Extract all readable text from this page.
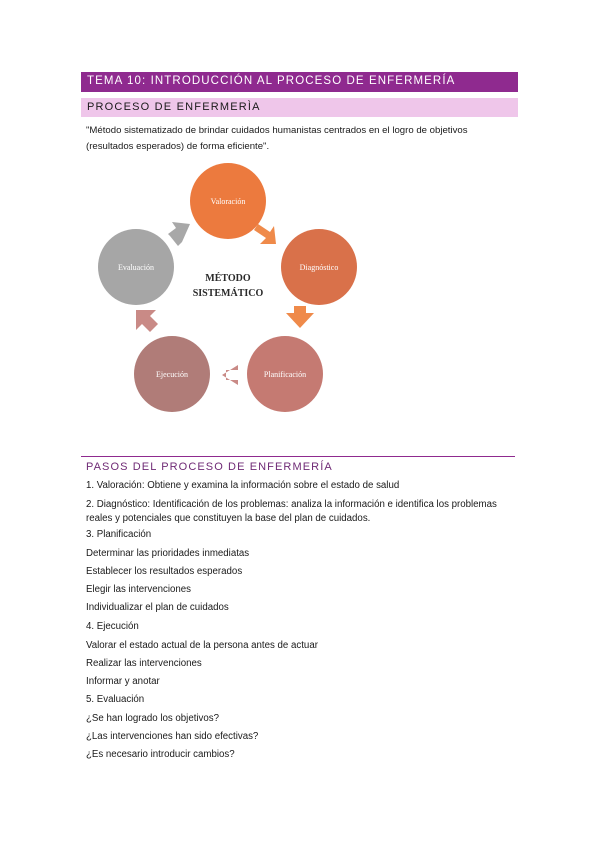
TEMA 10: INTRODUCCIÓN AL PROCESO DE ENFERMERÍA
PROCESO DE ENFERMERÌA
"Método sistematizado de brindar cuidados humanistas centrados en el logro de objetivos (resultados esperados) de forma eficiente".
Valoración
Diagnóstico
Planificación
Ejecución
Evaluación
MÉTODO
SISTEMÁTICO
PASOS DEL PROCESO DE ENFERMERÍA
1. Valoración: Obtiene y examina la información sobre el estado de salud
2. Diagnóstico: Identificación de los problemas: analiza la información e identifica los problemas reales y potenciales que constituyen la base del plan de cuidados.
3. Planificación
Determinar las prioridades inmediatas
Establecer los resultados esperados
Elegir las intervenciones
Individualizar el plan de cuidados
4. Ejecución
Valorar el estado actual de la persona antes de actuar
Realizar las intervenciones
Informar y anotar
5. Evaluación
¿Se han logrado los objetivos?
¿Las intervenciones han sido efectivas?
¿Es necesario introducir cambios?
